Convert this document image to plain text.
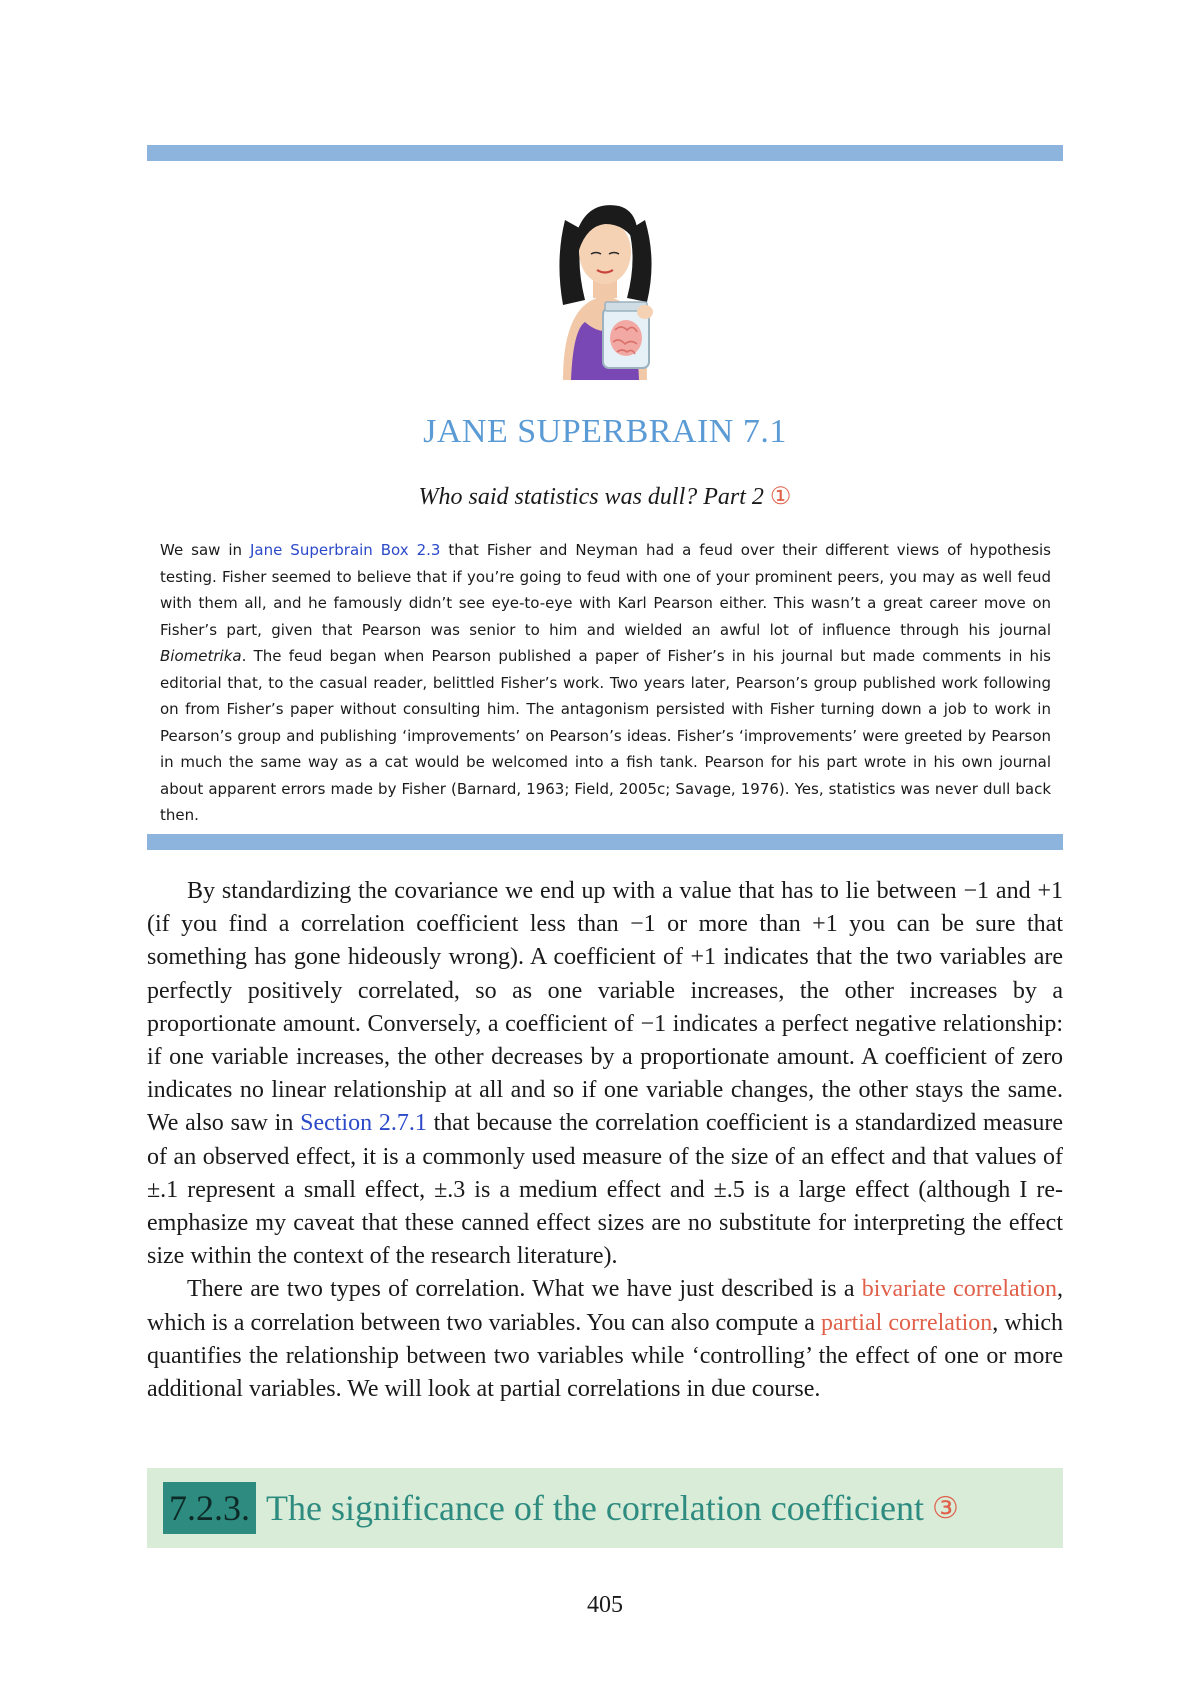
JANE SUPERBRAIN 7.1
Who said statistics was dull? Part 2 ①
We saw in Jane Superbrain Box 2.3 that Fisher and Neyman had a feud over their different views of hypothesis testing. Fisher seemed to believe that if you’re going to feud with one of your prominent peers, you may as well feud with them all, and he famously didn’t see eye-to-eye with Karl Pearson either. This wasn’t a great career move on Fisher’s part, given that Pearson was senior to him and wielded an awful lot of influence through his journal Biometrika. The feud began when Pearson published a paper of Fisher’s in his journal but made comments in his editorial that, to the casual reader, belittled Fisher’s work. Two years later, Pearson’s group published work following on from Fisher’s paper without consulting him. The antagonism persisted with Fisher turning down a job to work in Pearson’s group and publishing ‘improvements’ on Pearson’s ideas. Fisher’s ‘improvements’ were greeted by Pearson in much the same way as a cat would be welcomed into a fish tank. Pearson for his part wrote in his own journal about apparent errors made by Fisher (Barnard, 1963; Field, 2005c; Savage, 1976). Yes, statistics was never dull back then.

By standardizing the covariance we end up with a value that has to lie between −1 and +1 (if you find a correlation coefficient less than −1 or more than +1 you can be sure that something has gone hideously wrong). A coefficient of +1 indicates that the two variables are perfectly positively correlated, so as one variable increases, the other increases by a proportionate amount. Conversely, a coefficient of −1 indicates a perfect negative relationship: if one variable increases, the other decreases by a proportionate amount. A coefficient of zero indicates no linear relationship at all and so if one variable changes, the other stays the same. We also saw in Section 2.7.1 that because the correlation coefficient is a standardized measure of an observed effect, it is a commonly used measure of the size of an effect and that values of ±.1 represent a small effect, ±.3 is a medium effect and ±.5 is a large effect (although I re-emphasize my caveat that these canned effect sizes are no substitute for interpreting the effect size within the context of the research literature).

There are two types of correlation. What we have just described is a bivariate correlation, which is a correlation between two variables. You can also compute a partial correlation, which quantifies the relationship between two variables while ‘controlling’ the effect of one or more additional variables. We will look at partial correlations in due course.

7.2.3. The significance of the correlation coefficient ③
405
